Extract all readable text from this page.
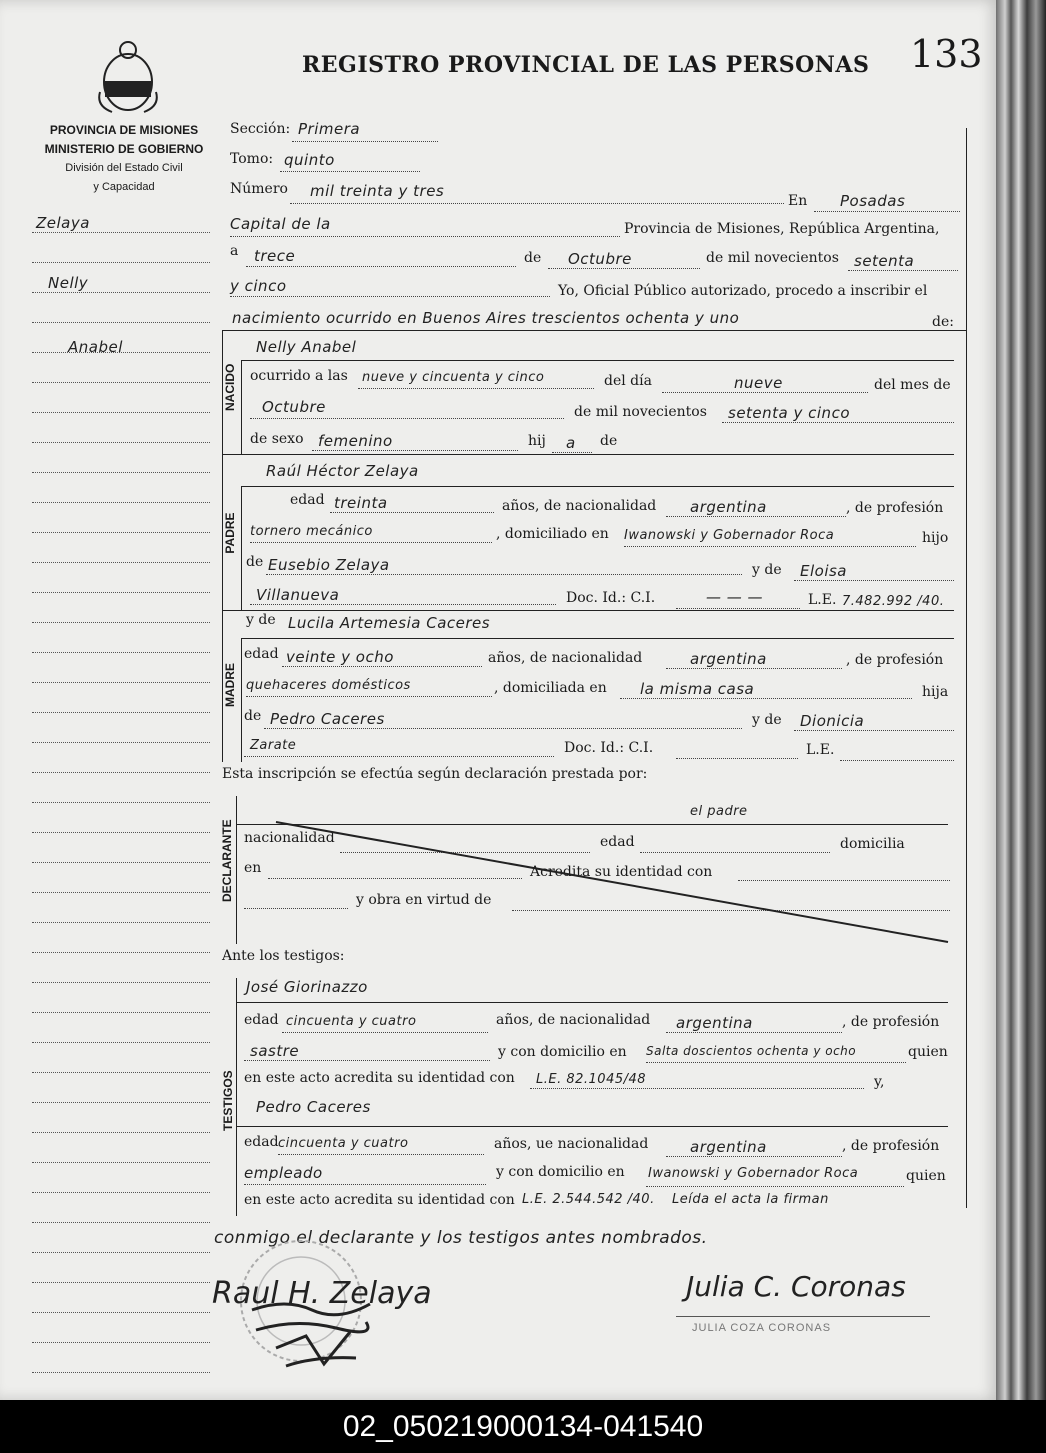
REGISTRO PROVINCIAL DE LAS PERSONAS 133
PROVINCIA DE MISIONES
MINISTERIO DE GOBIERNO
División del Estado Civil
y Capacidad
Zelaya
Nelly
Anabel
Sección: Primera
Tomo: quinto
Número mil treinta y tres
En Posadas
Capital de la	Provincia de Misiones, República Argentina,
a trece	de Octubre	de mil novecientos setenta
y cinco	Yo, Oficial Público autorizado, procedo a inscribir el
nacimiento ocurrido en Buenos Aires trescientos ochenta y uno	de:
NACIDO
Nelly Anabel
ocurrido a las nueve y cincuenta y cinco	del día	nueve	del mes de
Octubre	de mil novecientos setenta y cinco
de sexo femenino	hij a de
PADRE
Raúl Héctor Zelaya
edad treinta	años, de nacionalidad argentina	, de profesión
tornero mecánico	, domiciliado en Iwanowski y Gobernador Roca	hijo
de Eusebio Zelaya	y de Eloisa
Villanueva	Doc. Id.: C.I.	— — —	L.E. 7.482.992 /40.
MADRE
y de Lucila Artemesia Caceres
edad veinte y ocho	años, de nacionalidad	argentina	, de profesión
quehaceres domésticos	, domiciliada en la misma casa	hija
de Pedro Caceres	y de Dionicia
Zarate	Doc. Id.: C.I.	L.E.
Esta inscripción se efectúa según declaración prestada por:
DECLARANTE
el padre
nacionalidad	edad	domicilia
en	Acredita su identidad con
y obra en virtud de
Ante los testigos:
TESTIGOS
José Giorinazzo
edad cincuenta y cuatro	años, de nacionalidad argentina	, de profesión
sastre	y con domicilio en Salta doscientos ochenta y ocho	quien
en este acto acredita su identidad con L.E. 82.1045/48	y,
Pedro Caceres
edad cincuenta y cuatro	años, ue nacionalidad	argentina	, de profesión
empleado	y con domicilio en Iwanowski y Gobernador Roca	quien
en este acto acredita su identidad con L.E. 2.544.542 /40. Leída el acta la firman
conmigo el declarante y los testigos antes nombrados.
Raul H. Zelaya	Julia C. Coronas
JULIA COZA CORONAS
02_050219000134-041540
